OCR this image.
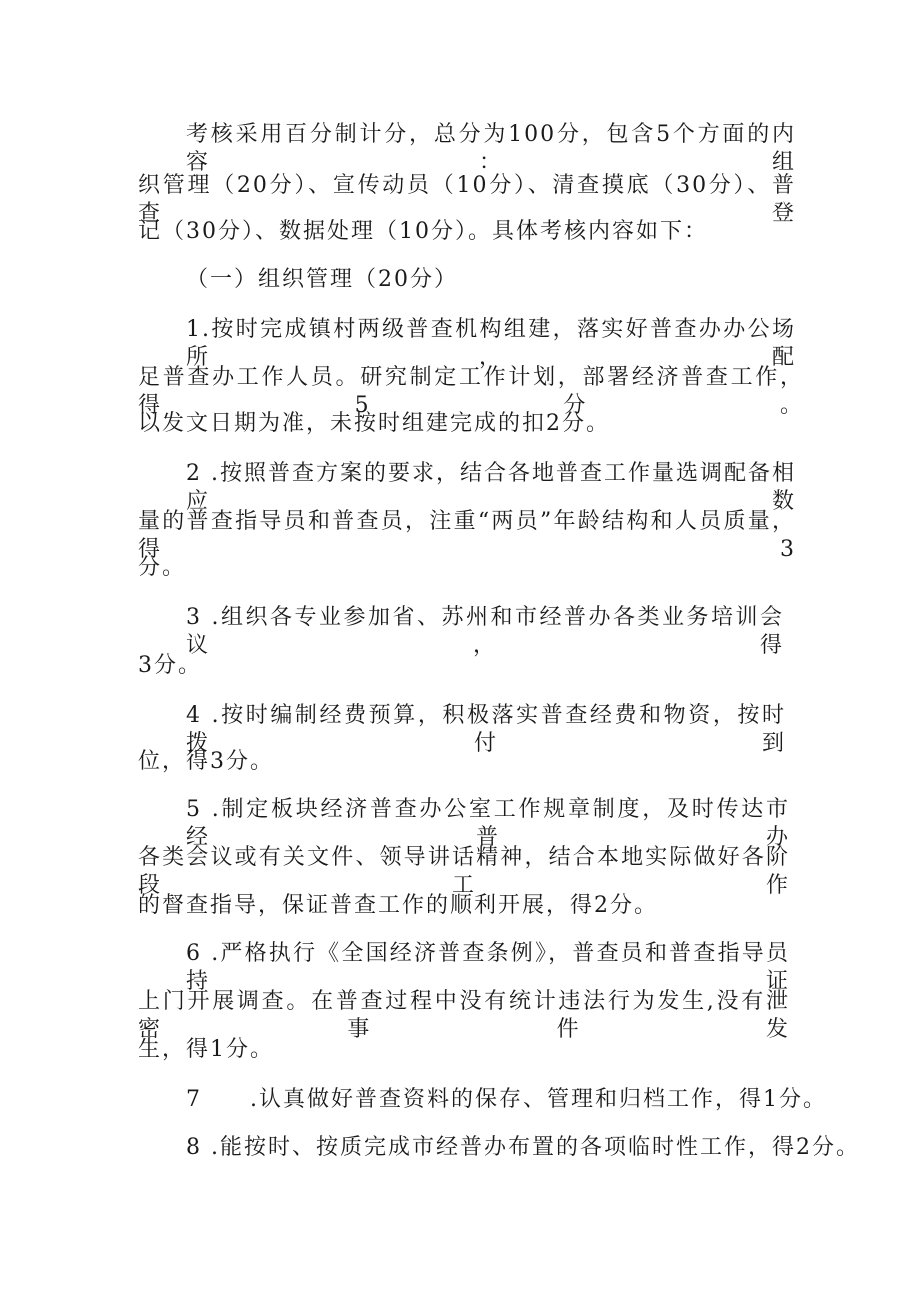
考核采用百分制计分，总分为100分，包含5个方面的内容：组
织管理（20分）、宣传动员（10分）、清查摸底（30分）、普查登
记（30分）、数据处理（10分）。具体考核内容如下：
（一）组织管理（20分）
1.按时完成镇村两级普查机构组建，落实好普查办办公场所，配
足普查办工作人员。研究制定工作计划，部署经济普查工作，得5分。
以发文日期为准，未按时组建完成的扣2分。
2 .按照普查方案的要求，结合各地普查工作量选调配备相应数
量的普查指导员和普查员，注重“两员”年龄结构和人员质量，得3
分。
3 .组织各专业参加省、苏州和市经普办各类业务培训会议，得
3分。
4 .按时编制经费预算，积极落实普查经费和物资，按时拨付到
位，得3分。
5 .制定板块经济普查办公室工作规章制度，及时传达市经普办
各类会议或有关文件、领导讲话精神，结合本地实际做好各阶段工作
的督查指导，保证普查工作的顺利开展，得2分。
6 .严格执行《全国经济普查条例》，普查员和普查指导员持证
上门开展调查。在普查过程中没有统计违法行为发生,没有泄密事件发
生，得1分。
7　　.认真做好普查资料的保存、管理和归档工作，得1分。
8 .能按时、按质完成市经普办布置的各项临时性工作，得2分。
